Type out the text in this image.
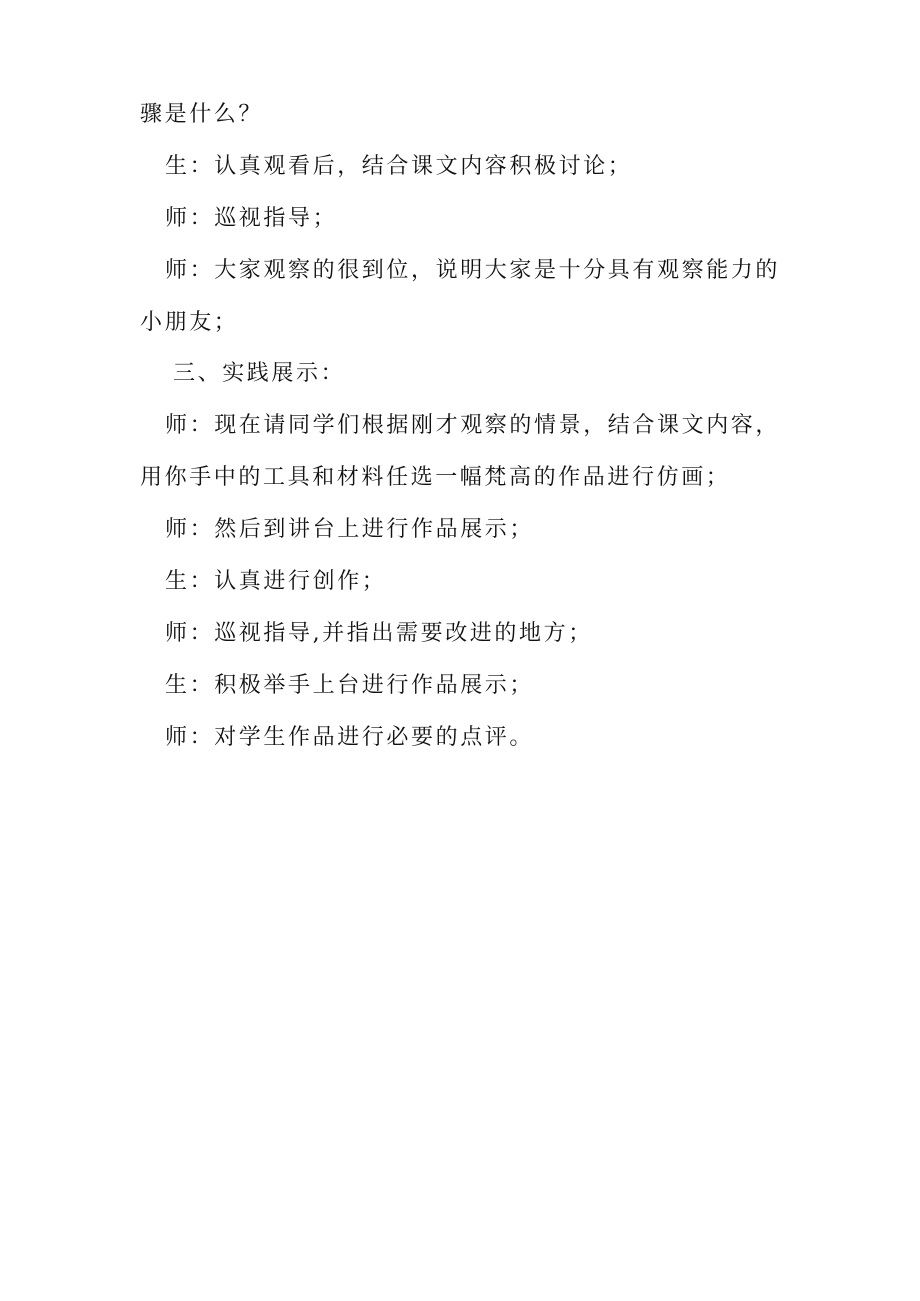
骤是什么？

生：认真观看后，结合课文内容积极讨论；

师：巡视指导；

师：大家观察的很到位，说明大家是十分具有观察能力的

小朋友；

三、实践展示：

师：现在请同学们根据刚才观察的情景，结合课文内容，

用你手中的工具和材料任选一幅梵高的作品进行仿画；

师：然后到讲台上进行作品展示；

生：认真进行创作；

师：巡视指导,并指出需要改进的地方；

生：积极举手上台进行作品展示；

师：对学生作品进行必要的点评。
